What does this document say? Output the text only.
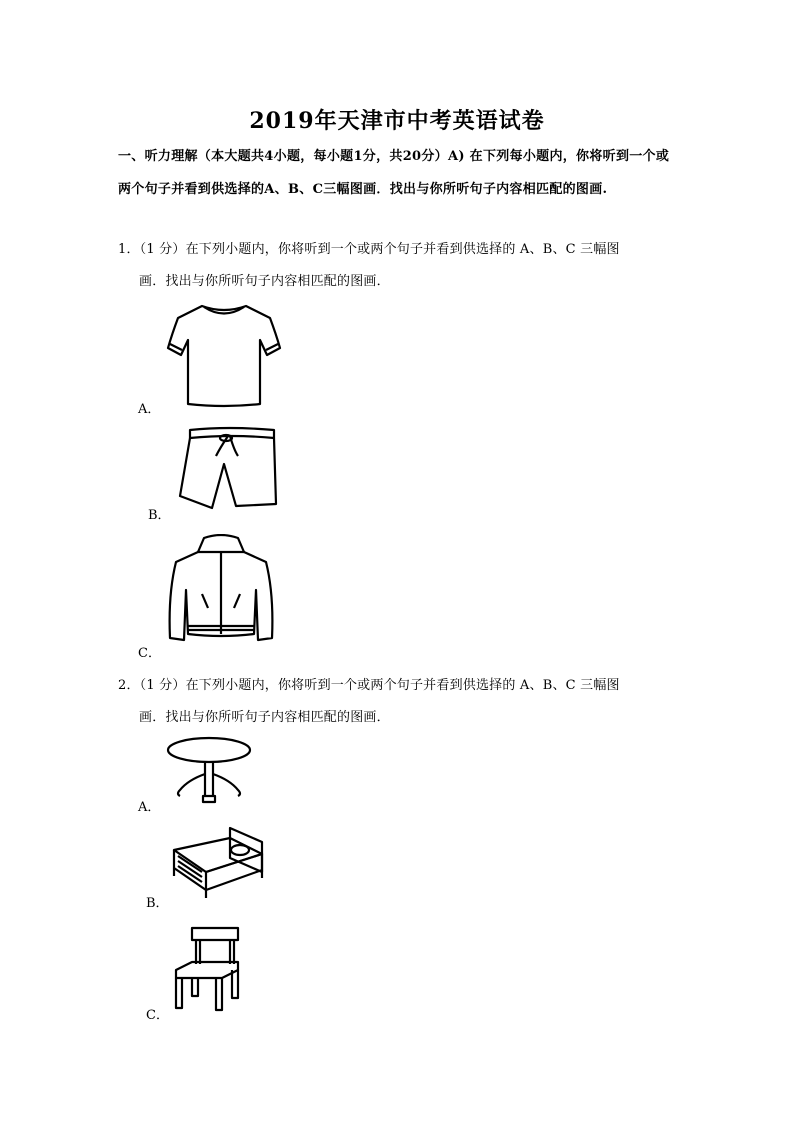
2019年天津市中考英语试卷
一、听力理解（本大题共4小题，每小题1分，共20分）A) 在下列每小题内，你将听到一个或两个句子并看到供选择的A、B、C三幅图画．找出与你所听句子内容相匹配的图画.
1．（1 分）在下列小题内，你将听到一个或两个句子并看到供选择的 A、B、C 三幅图
画．找出与你所听句子内容相匹配的图画．
A．
B．
C．
2．（1 分）在下列小题内，你将听到一个或两个句子并看到供选择的 A、B、C 三幅图
画．找出与你所听句子内容相匹配的图画．
A．
B．
C．
